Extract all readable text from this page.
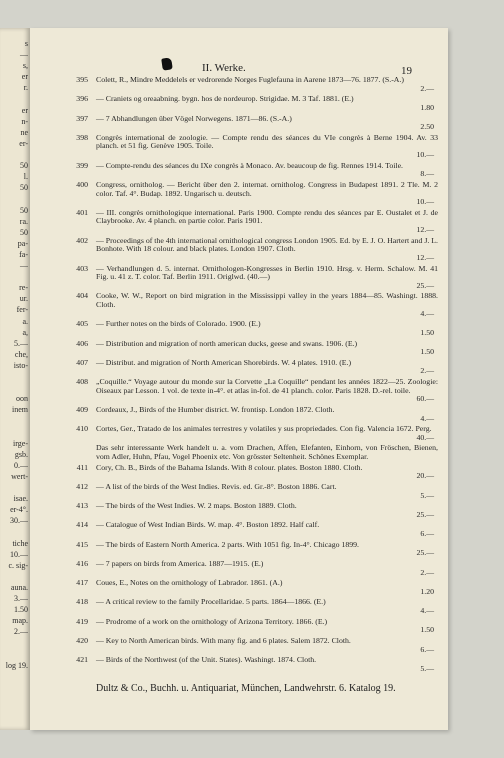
s
—
s,
er
r.
er
n-
ne
er-
50
l.
50
50
ra.
50
pa-
fa-
—
re-
ur.
fer-
a.
a,
5.—
che,
isto-
oon
inem
irge-
gsb.
0.—
wert-
isae.
er-4°.
30.—
tiche
10.—
c. sig-
auna.
3.—
1.50
map.
2.—
log 19.
II. Werke.	19
395 Colett, R., Mindre Meddelels er vedrorende Norges Fuglefauna in Aarene 1873—76. 1877. (S.-A.)
2.—
396 — Craniets og oreaabning. bygn. hos de nordeurop. Strigidae. M. 3 Taf. 1881. (E.)
1.80
397 — 7 Abhandlungen über Vögel Norwegens. 1871—86. (S.-A.)
2.50
398 Congrès international de zoologie. — Compte rendu des séances du VIe congrès à Berne 1904. Av. 33 planch. et 51 fig. Genève 1905. Toile.
10.—
399 — Compte-rendu des séances du IXe congrès à Monaco. Av. beaucoup de fig. Rennes 1914. Toile.
8.—
400 Congress, ornitholog. — Bericht über den 2. internat. ornitholog. Congress in Budapest 1891. 2 Tle. M. 2 color. Taf. 4°. Budap. 1892. Ungarisch u. deutsch.
10.—
401 — III. congrès ornithologique international. Paris 1900. Compte rendu des séances par E. Oustalet et J. de Claybrooke. Av. 4 planch. en partie color. Paris 1901.
12.—
402 — Proceedings of the 4th international ornithological congress London 1905. Ed. by E. J. O. Hartert and J. L. Bonhote. With 18 colour. and black plates. London 1907. Cloth.
12.—
403 — Verhandlungen d. 5. internat. Ornithologen-Kongresses in Berlin 1910. Hrsg. v. Herm. Schalow. M. 41 Fig. u. 41 z. T. color. Taf. Berlin 1911. Origlwd. (40.—)
25.—
404 Cooke, W. W., Report on bird migration in the Mississippi valley in the years 1884—85. Washingt. 1888. Cloth.
4.—
405 — Further notes on the birds of Colorado. 1900. (E.)
1.50
406 — Distribution and migration of north american ducks, geese and swans. 1906. (E.)
1.50
407 — Distribut. and migration of North American Shorebirds. W. 4 plates. 1910. (E.)
2.—
408 „Coquille.“ Voyage autour du monde sur la Corvette „La Coquille“ pendant les années 1822—25. Zoologie: Oiseaux par Lesson. 1 vol. de texte in-4°. et atlas in-fol. de 41 planch. color. Paris 1828. D.-rel. toile.
60.—
409 Cordeaux, J., Birds of the Humber district. W. frontisp. London 1872. Cloth.
4.—
410 Cortes, Ger., Tratado de los animales terrestres y volatiles y sus propriedades. Con fig. Valencia 1672. Perg.
40.—
Das sehr interessante Werk handelt u. a. vom Drachen, Affen, Elefanten, Einhorn, von Fröschen, Bienen, vom Adler, Huhn, Pfau, Vogel Phoenix etc. Von grösster Seltenheit. Schönes Exemplar.
411 Cory, Ch. B., Birds of the Bahama Islands. With 8 colour. plates. Boston 1880. Cloth.
20.—
412 — A list of the birds of the West Indies. Revis. ed. Gr.-8°. Boston 1886. Cart.
5.—
413 — The birds of the West Indies. W. 2 maps. Boston 1889. Cloth.
25.—
414 — Catalogue of West Indian Birds. W. map. 4°. Boston 1892. Half calf.
6.—
415 — The birds of Eastern North America. 2 parts. With 1051 fig. In-4°. Chicago 1899.
25.—
416 — 7 papers on birds from America. 1887—1915. (E.)
2.—
417 Coues, E., Notes on the ornithology of Labrador. 1861. (A.)
1.20
418 — A critical review to the family Procellaridae. 5 parts. 1864—1866. (E.)
4.—
419 — Prodrome of a work on the ornithology of Arizona Territory. 1866. (E.)
1.50
420 — Key to North American birds. With many fig. and 6 plates. Salem 1872. Cloth.
6.—
421 — Birds of the Northwest (of the Unit. States). Washingt. 1874. Cloth.
5.—
Dultz & Co., Buchh. u. Antiquariat, München, Landwehrstr. 6. Katalog 19.
